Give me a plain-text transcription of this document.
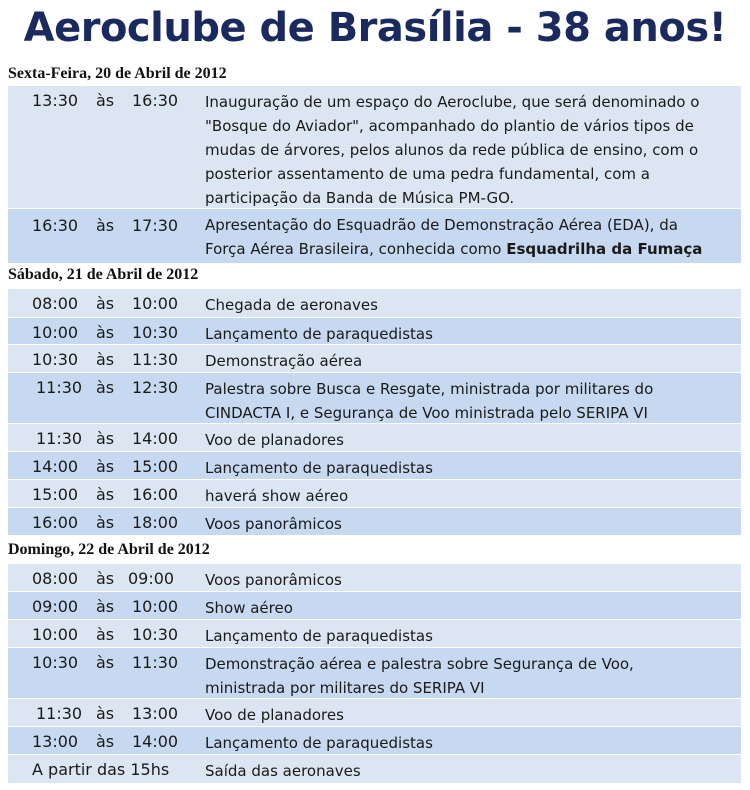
Aeroclube de Brasília - 38 anos!
Sexta-Feira, 20 de Abril de 2012
13:30 às 16:30 Inauguração de um espaço do Aeroclube, que será denominado o
"Bosque do Aviador", acompanhado do plantio de vários tipos de
mudas de árvores, pelos alunos da rede pública de ensino, com o
posterior assentamento de uma pedra fundamental, com a
participação da Banda de Música PM-GO.
16:30 às 17:30 Apresentação do Esquadrão de Demonstração Aérea (EDA), da
Força Aérea Brasileira, conhecida como Esquadrilha da Fumaça
Sábado, 21 de Abril de 2012
08:00 às 10:00 Chegada de aeronaves
10:00 às 10:30 Lançamento de paraquedistas
10:30 às 11:30 Demonstração aérea
11:30 às 12:30 Palestra sobre Busca e Resgate, ministrada por militares do
CINDACTA I, e Segurança de Voo ministrada pelo SERIPA VI
11:30 às 14:00 Voo de planadores
14:00 às 15:00 Lançamento de paraquedistas
15:00 às 16:00 haverá show aéreo
16:00 às 18:00 Voos panorâmicos
Domingo, 22 de Abril de 2012
08:00 às 09:00 Voos panorâmicos
09:00 às 10:00 Show aéreo
10:00 às 10:30 Lançamento de paraquedistas
10:30 às 11:30 Demonstração aérea e palestra sobre Segurança de Voo,
ministrada por militares do SERIPA VI
11:30 às 13:00 Voo de planadores
13:00 às 14:00 Lançamento de paraquedistas
A partir das 15hs Saída das aeronaves
